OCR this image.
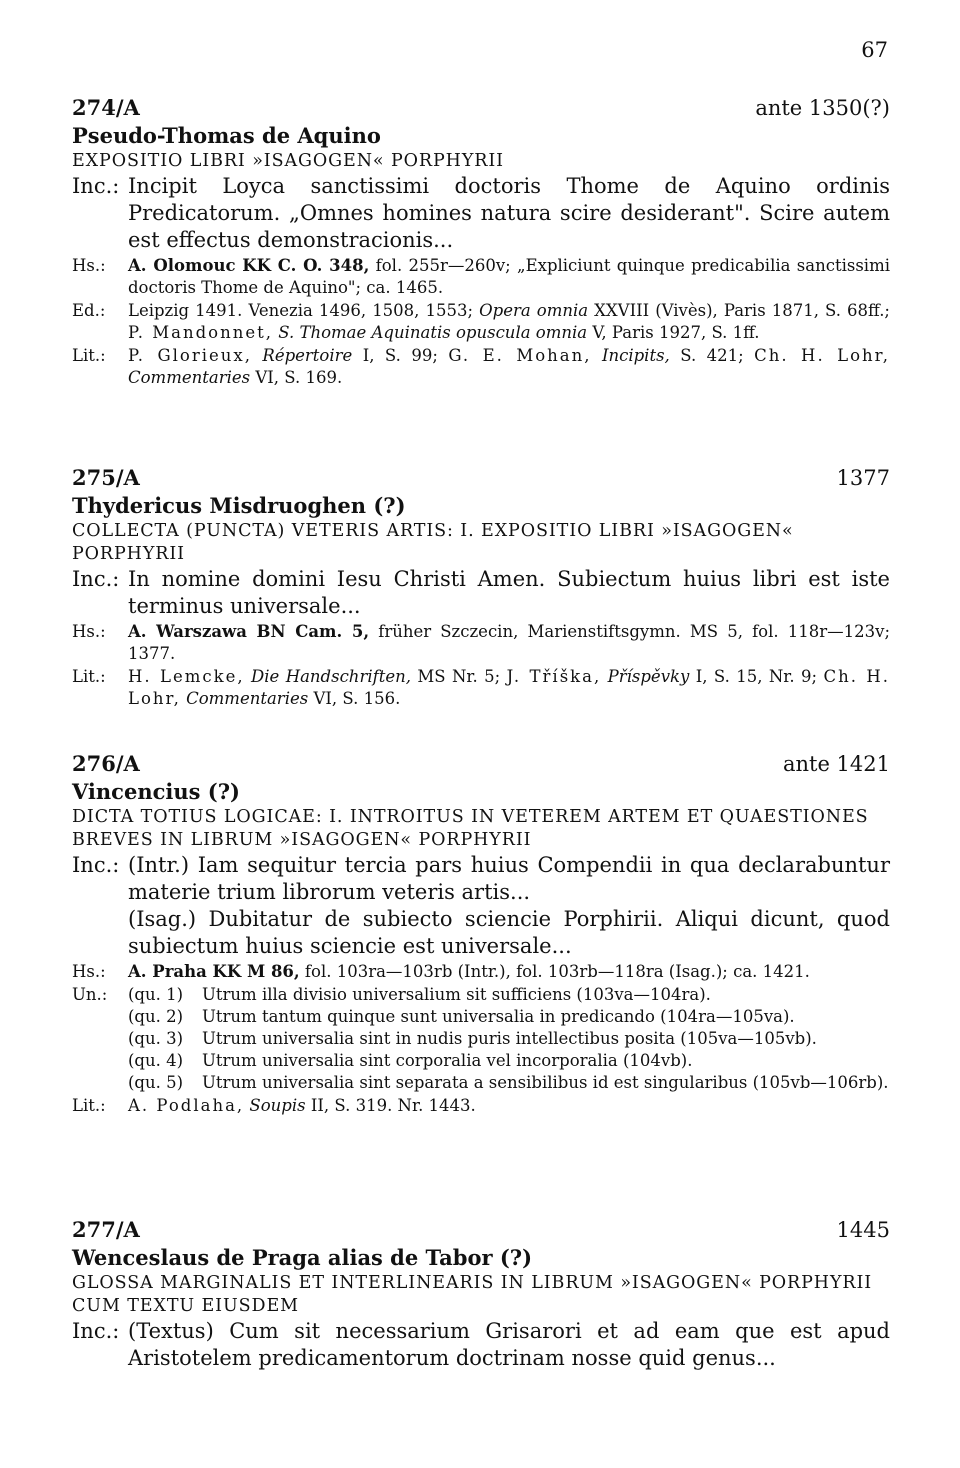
67
274/A	ante 1350(?)
Pseudo-Thomas de Aquino
EXPOSITIO LIBRI »ISAGOGEN« PORPHYRII
Inc.: Incipit Loyca sanctissimi doctoris Thome de Aquino ordinis Predicatorum. „Omnes homines natura scire desiderant". Scire autem est effectus demonstracionis...
Hs.:	A. Olomouc KK C. O. 348, fol. 255r—260v; „Expliciunt quinque predicabilia sanctissimi doctoris Thome de Aquino"; ca. 1465.
Ed.:	Leipzig 1491. Venezia 1496, 1508, 1553; Opera omnia XXVIII (Vivès), Paris 1871, S. 68ff.; P. Mandonnet, S. Thomae Aquinatis opuscula omnia V, Paris 1927, S. 1ff.
Lit.:	P. Glorieux, Répertoire I, S. 99; G. E. Mohan, Incipits, S. 421; Ch. H. Lohr, Commentaries VI, S. 169.
275/A	1377
Thydericus Misdruoghen (?)
COLLECTA (PUNCTA) VETERIS ARTIS: I. EXPOSITIO LIBRI »ISAGOGEN« PORPHYRII
Inc.: In nomine domini Iesu Christi Amen. Subiectum huius libri est iste terminus universale...
Hs.:	A. Warszawa BN Cam. 5, früher Szczecin, Marienstiftsgymn. MS 5, fol. 118r—123v; 1377.
Lit.:	H. Lemcke, Die Handschriften, MS Nr. 5; J. Tříška, Příspěvky I, S. 15, Nr. 9; Ch. H. Lohr, Commentaries VI, S. 156.
276/A	ante 1421
Vincencius (?)
DICTA TOTIUS LOGICAE: I. INTROITUS IN VETEREM ARTEM ET QUAESTIONES BREVES IN LIBRUM »ISAGOGEN« PORPHYRII
Inc.: (Intr.) Iam sequitur tercia pars huius Compendii in qua declarabuntur materie trium librorum veteris artis...

(Isag.) Dubitatur de subiecto sciencie Porphirii. Aliqui dicunt, quod subiectum huius sciencie est universale...

Hs.:	A. Praha KK M 86, fol. 103ra—103rb (Intr.), fol. 103rb—118ra (Isag.); ca. 1421.
Un.:	(qu. 1)	Utrum illa divisio universalium sit sufficiens (103va—104ra).
(qu. 2)	Utrum tantum quinque sunt universalia in predicando (104ra—105va).
(qu. 3)	Utrum universalia sint in nudis puris intellectibus posita (105va—105vb).
(qu. 4)	Utrum universalia sint corporalia vel incorporalia (104vb).
(qu. 5)	Utrum universalia sint separata a sensibilibus id est singularibus (105vb—106rb).
Lit.:	A. Podlaha, Soupis II, S. 319. Nr. 1443.
277/A	1445
Wenceslaus de Praga alias de Tabor (?)
GLOSSA MARGINALIS ET INTERLINEARIS IN LIBRUM »ISAGOGEN« PORPHYRII CUM TEXTU EIUSDEM
Inc.: (Textus) Cum sit necessarium Grisarori et ad eam que est apud Aristotelem predicamentorum doctrinam nosse quid genus...
